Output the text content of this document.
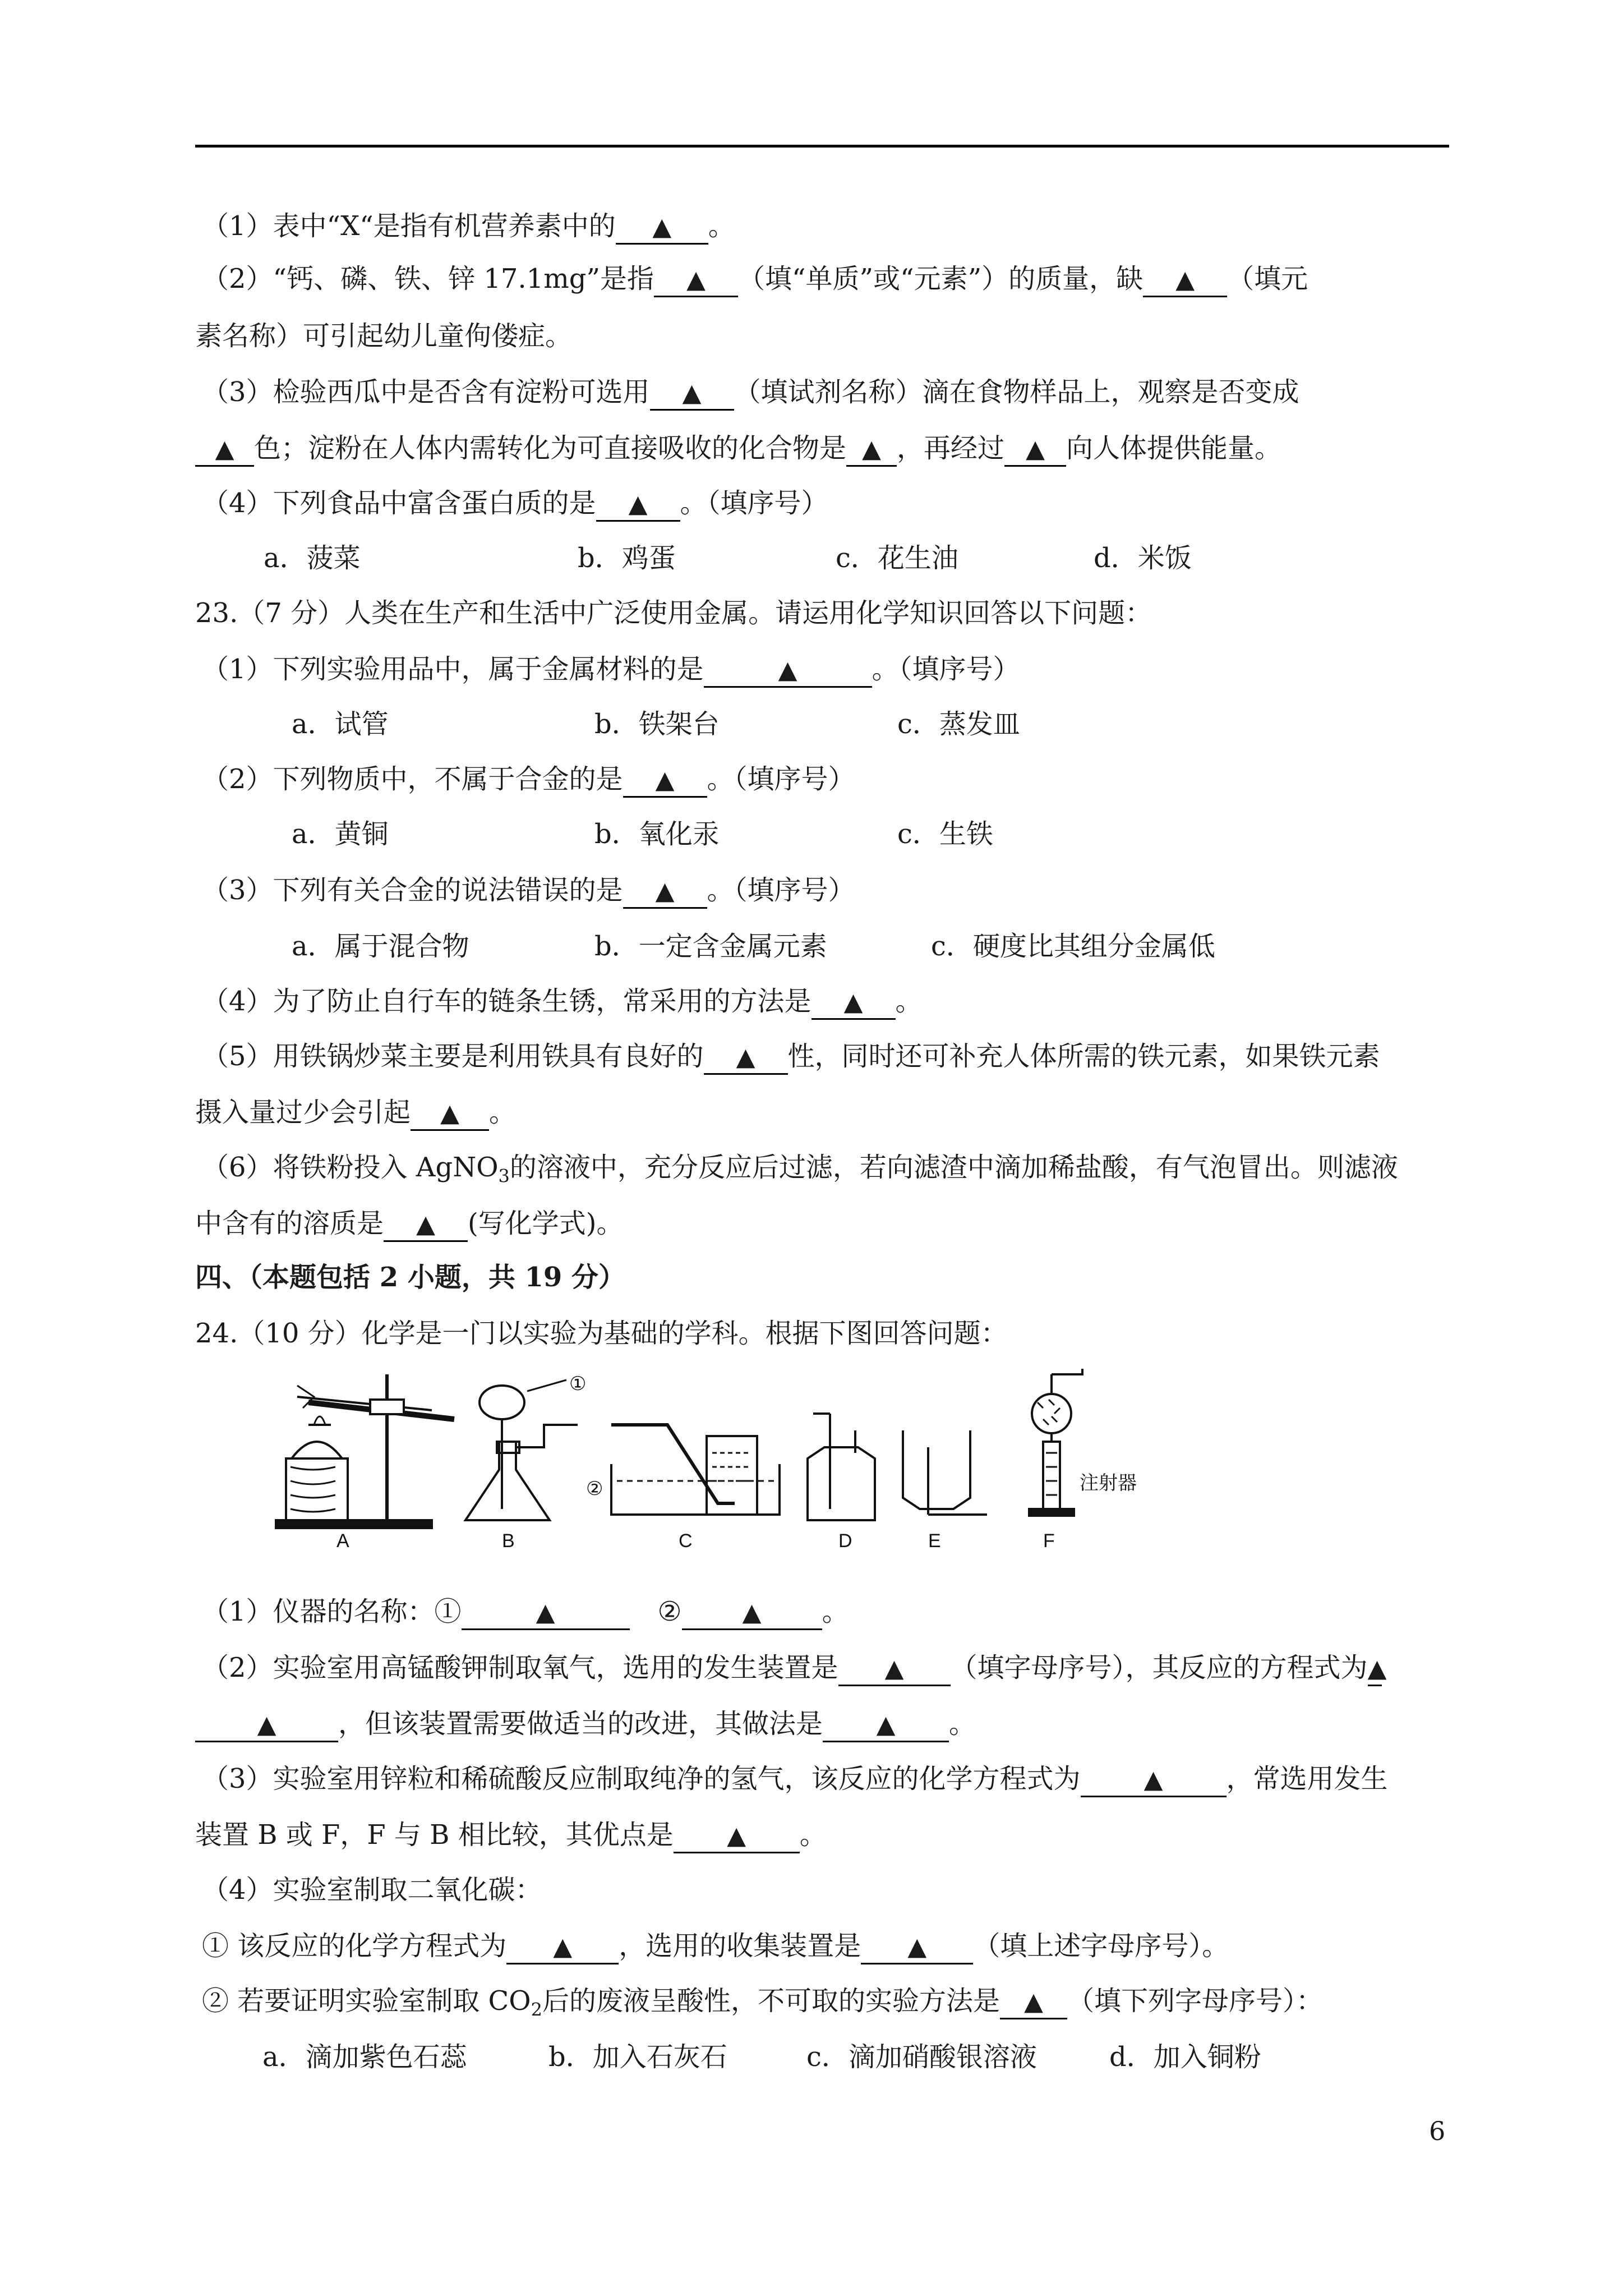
（1）表中“X“是指有机营养素中的 ▲	。
（2）“钙、磷、铁、锌 17.1mg”是指 ▲	（填“单质”或“元素”）的质量，缺 ▲	（填元
素名称）可引起幼儿童佝偻症。
（3）检验西瓜中是否含有淀粉可选用 ▲	（填试剂名称）滴在食物样品上，观察是否变成
▲色；淀粉在人体内需转化为可直接吸收的化合物是 ▲ ，再经过 ▲ 向人体提供能量。
（4）下列食品中富含蛋白质的是 ▲	。（填序号）
a．菠菜	b．鸡蛋	c．花生油	d．米饭
23.（7 分）人类在生产和生活中广泛使用金属。请运用化学知识回答以下问题：
（1）下列实验用品中，属于金属材料的是 ▲	。（填序号）
a．试管	b．铁架台	c．蒸发皿
（2）下列物质中，不属于合金的是 ▲	。（填序号）
a．黄铜	b．氧化汞	c．生铁
（3）下列有关合金的说法错误的是 ▲	。（填序号）
a．属于混合物	b．一定含金属元素	c．硬度比其组分金属低
（4）为了防止自行车的链条生锈，常采用的方法是 ▲	。
（5）用铁锅炒菜主要是利用铁具有良好的 ▲	性，同时还可补充人体所需的铁元素，如果铁元素
摄入量过少会引起 ▲	。
（6）将铁粉投入 AgNO$_3$的溶液中，充分反应后过滤，若向滤渣中滴加稀盐酸，有气泡冒出。则滤液
中含有的溶质是 ▲	(写化学式)。
四、（本题包括 2 小题，共 19 分）
24.（10 分）化学是一门以实验为基础的学科。根据下图回答问题：
A
①
B
②
C	D	E
注射器
F
（1）仪器的名称：① ▲	② ▲	。
（2）实验室用高锰酸钾制取氧气，选用的发生装置是 ▲	（填字母序号），其反应的方程式为▲
▲，但该装置需要做适当的改进，其做法是 ▲	。
（3）实验室用锌粒和稀硫酸反应制取纯净的氢气，该反应的化学方程式为 ▲	，常选用发生
装置 B 或 F，F 与 B 相比较，其优点是 ▲	。
（4）实验室制取二氧化碳：
① 该反应的化学方程式为 ▲	，选用的收集装置是 ▲	（填上述字母序号）。
② 若要证明实验室制取 $CO_2$后的废液呈酸性，不可取的实验方法是 ▲	（填下列字母序号）：
a．滴加紫色石蕊	b．加入石灰石	c．滴加硝酸银溶液	d．加入铜粉
6
